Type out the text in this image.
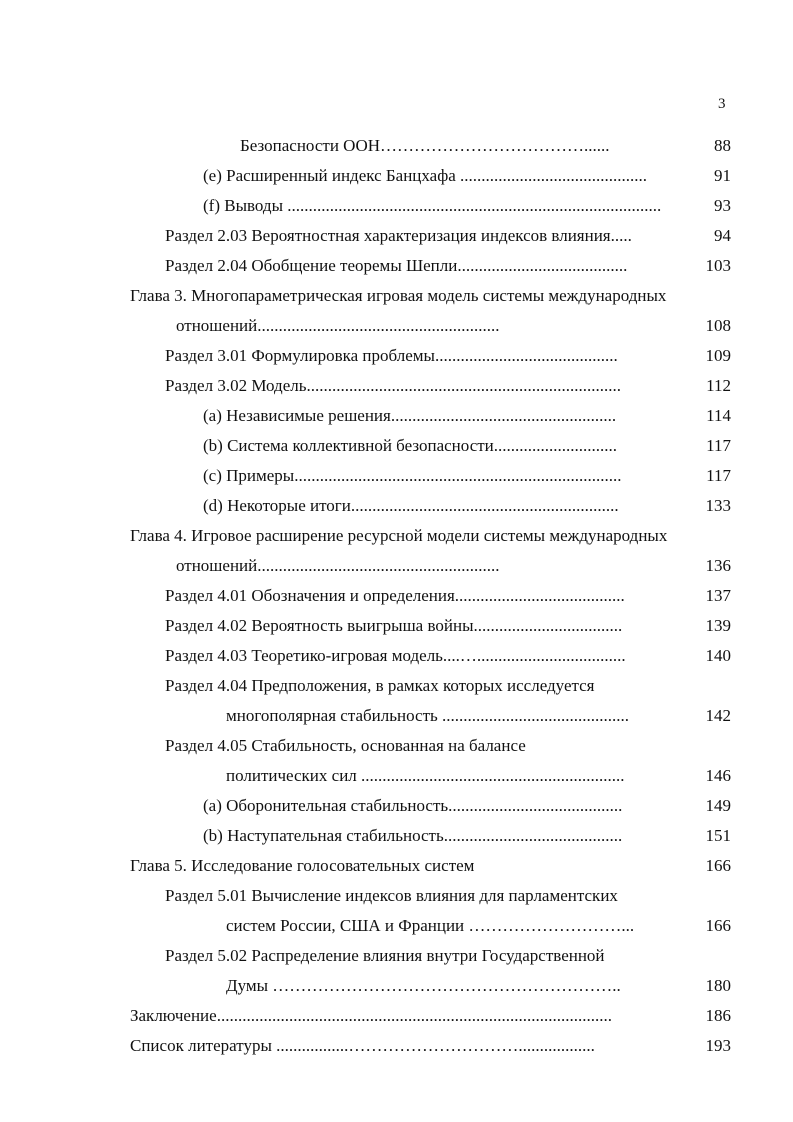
3
Безопасности ООН………………………………......	88
(e) Расширенный индекс Банцхафа ............................................	91
(f) Выводы ........................................................................................	93
Раздел 2.03 Вероятностная характеризация индексов влияния.....	94
Раздел 2.04 Обобщение теоремы Шепли........................................	103
Глава 3. Многопараметрическая игровая модель системы международных
отношений.........................................................	108
Раздел 3.01 Формулировка проблемы...........................................	109
Раздел 3.02 Модель..........................................................................	112
(a) Независимые решения.....................................................	114
(b) Система коллективной безопасности.............................	117
(c) Примеры.............................................................................	117
(d) Некоторые итоги...............................................................	133
Глава 4. Игровое расширение ресурсной модели системы международных
отношений.........................................................	136
Раздел 4.01 Обозначения и определения........................................	137
Раздел 4.02 Вероятность выигрыша войны...................................	139
Раздел 4.03 Теоретико-игровая модель....…...................................	140
Раздел 4.04 Предположения, в рамках которых исследуется
многополярная стабильность ............................................	142
Раздел 4.05 Стабильность, основанная на балансе
политических сил ..............................................................	146
(a) Оборонительная стабильность.........................................	149
(b) Наступательная стабильность..........................................	151
Глава 5. Исследование голосовательных систем	166
Раздел 5.01 Вычисление индексов влияния для парламентских
систем России, США и Франции ………………………...	166
Раздел 5.02 Распределение влияния внутри Государственной
Думы ……………………………………………………..	180
Заключение.............................................................................................	186
Список литературы .................…………………………..................	193
